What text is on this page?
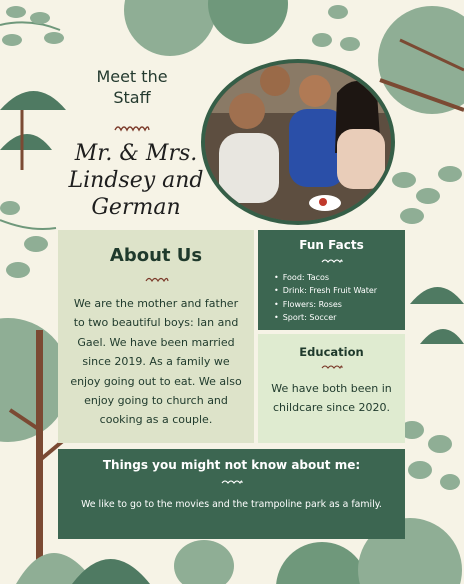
Meet the
Staff
Mr. & Mrs.
Lindsey and
German
About Us

We are the mother and father to two beautiful boys: Ian and Gael. We have been married since 2019. As a family we enjoy going out to eat. We also enjoy going to church and cooking as a couple.

Fun Facts
• Food: Tacos
• Drink: Fresh Fruit Water
• Flowers: Roses
• Sport: Soccer
Education

We have both been in childcare since 2020.

Things you might not know about me:

We like to go to the movies and the trampoline park as a family.
